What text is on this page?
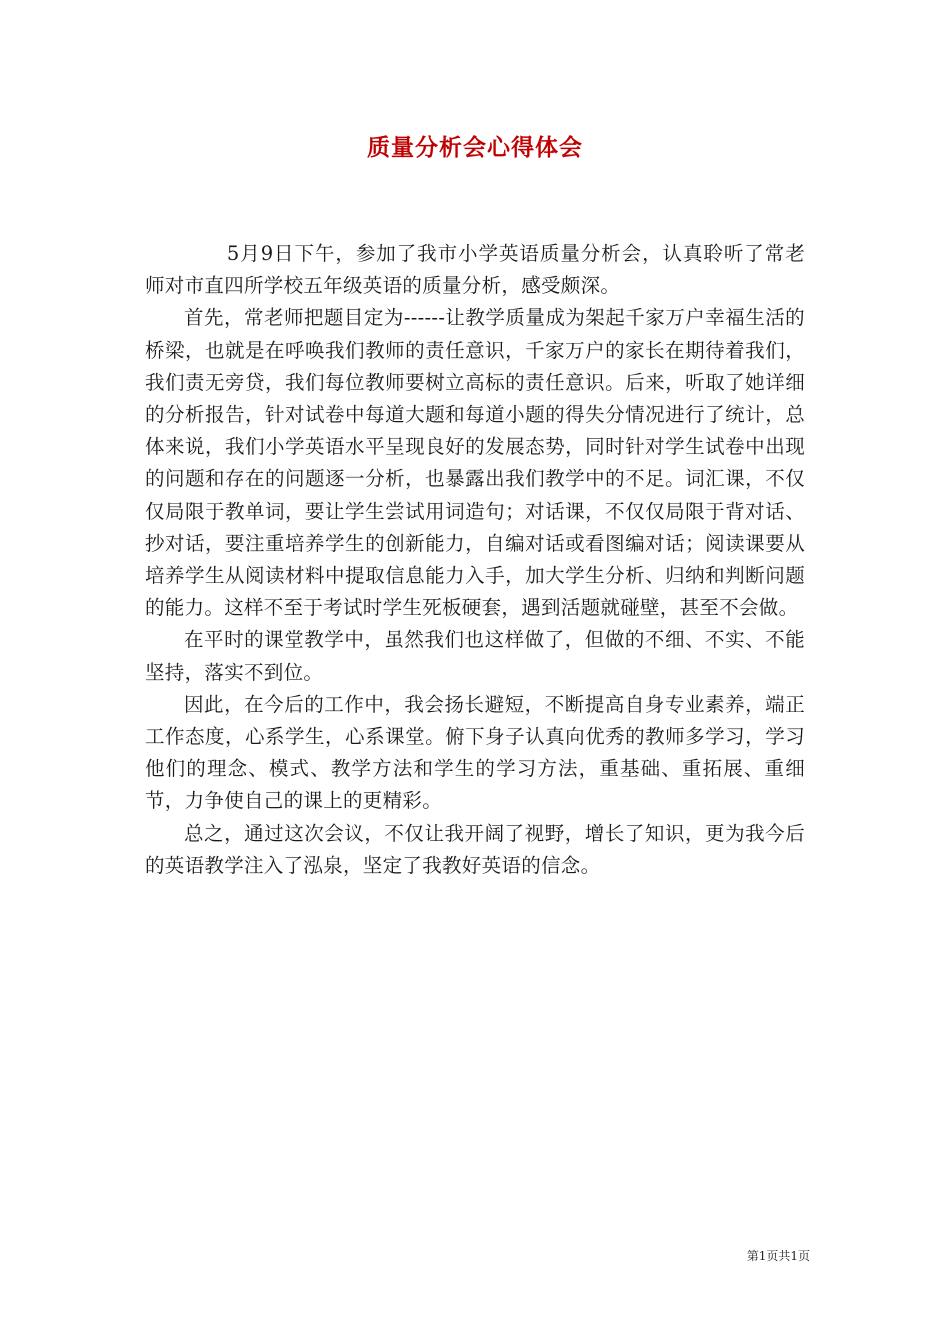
质量分析会心得体会

5月9日下午，参加了我市小学英语质量分析会，认真聆听了常老师对市直四所学校五年级英语的质量分析，感受颇深。

首先，常老师把题目定为------让教学质量成为架起千家万户幸福生活的桥梁，也就是在呼唤我们教师的责任意识，千家万户的家长在期待着我们，我们责无旁贷，我们每位教师要树立高标的责任意识。后来，听取了她详细的分析报告，针对试卷中每道大题和每道小题的得失分情况进行了统计，总体来说，我们小学英语水平呈现良好的发展态势，同时针对学生试卷中出现的问题和存在的问题逐一分析，也暴露出我们教学中的不足。词汇课，不仅仅局限于教单词，要让学生尝试用词造句；对话课，不仅仅局限于背对话、抄对话，要注重培养学生的创新能力，自编对话或看图编对话；阅读课要从培养学生从阅读材料中提取信息能力入手，加大学生分析、归纳和判断问题的能力。这样不至于考试时学生死板硬套，遇到活题就碰壁，甚至不会做。

在平时的课堂教学中，虽然我们也这样做了，但做的不细、不实、不能坚持，落实不到位。

因此，在今后的工作中，我会扬长避短，不断提高自身专业素养，端正工作态度，心系学生，心系课堂。俯下身子认真向优秀的教师多学习，学习他们的理念、模式、教学方法和学生的学习方法，重基础、重拓展、重细节，力争使自己的课上的更精彩。

总之，通过这次会议，不仅让我开阔了视野，增长了知识，更为我今后的英语教学注入了泓泉，坚定了我教好英语的信念。

第1页共1页
